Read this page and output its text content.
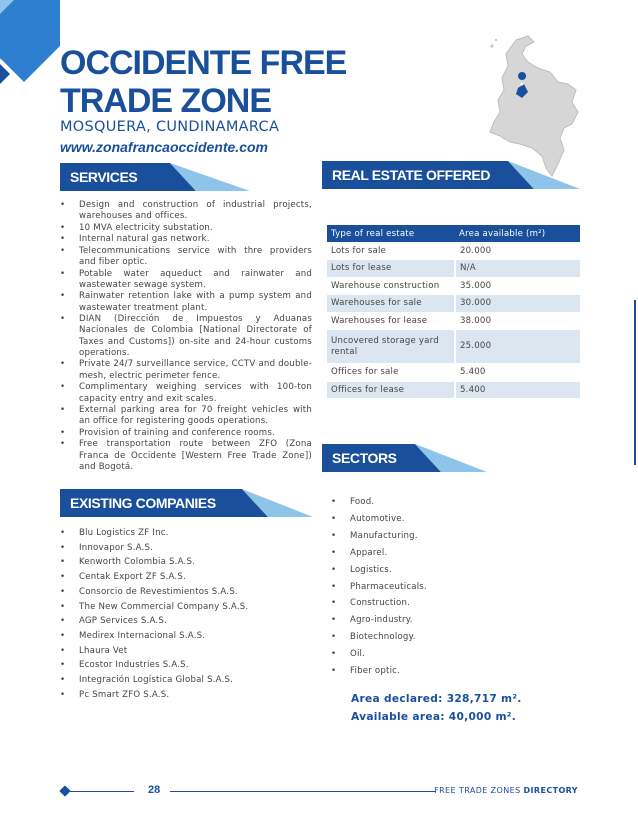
OCCIDENTE FREE
TRADE ZONE
MOSQUERA, CUNDINAMARCA
www.zonafrancaoccidente.com
SERVICES
• Design and construction of industrial projects, warehouses and offices.
• 10 MVA electricity substation.
• Internal natural gas network.
• Telecommunications service with thre providers and fiber optic.
• Potable water aqueduct and rainwater and wastewater sewage system.
• Rainwater retention lake with a pump system and wastewater treatment plant.
• DIAN (Dirección de Impuestos y Aduanas Nacionales de Colombia [National Directorate of Taxes and Customs]) on-site and 24-hour customs operations.
• Private 24/7 surveillance service, CCTV and double-mesh, electric perimeter fence.
• Complimentary weighing services with 100-ton capacity entry and exit scales.
• External parking area for 70 freight vehicles with an office for registering goods operations.
• Provision of training and conference rooms.
• Free transportation route between ZFO (Zona Franca de Occidente [Western Free Trade Zone]) and Bogotá.
REAL ESTATE OFFERED
Type of real estate	Area available (m²)
Lots for sale	20.000
Lots for lease	N/A
Warehouse construction	35.000
Warehouses for sale	30.000
Warehouses for lease	38.000
Uncovered storage yard rental	25.000
Offices for sale	5.400
Offices for lease	5.400
SECTORS
• Food.
• Automotive.
• Manufacturing.
• Apparel.
• Logistics.
• Pharmaceuticals.
• Construction.
• Agro-industry.
• Biotechnology.
• Oil.
• Fiber optic.
Area declared: 328,717 m².
Available area: 40,000 m².
EXISTING COMPANIES
• Blu Logistics ZF Inc.
• Innovapor S.A.S.
• Kenworth Colombia S.A.S.
• Centak Export ZF S.A.S.
• Consorcio de Revestimientos S.A.S.
• The New Commercial Company S.A.S.
• AGP Services S.A.S.
• Medirex Internacional S.A.S.
• Lhaura Vet
• Ecostor Industries S.A.S.
• Integración Logística Global S.A.S.
• Pc Smart ZFO S.A.S.
28	FREE TRADE ZONES DIRECTORY
